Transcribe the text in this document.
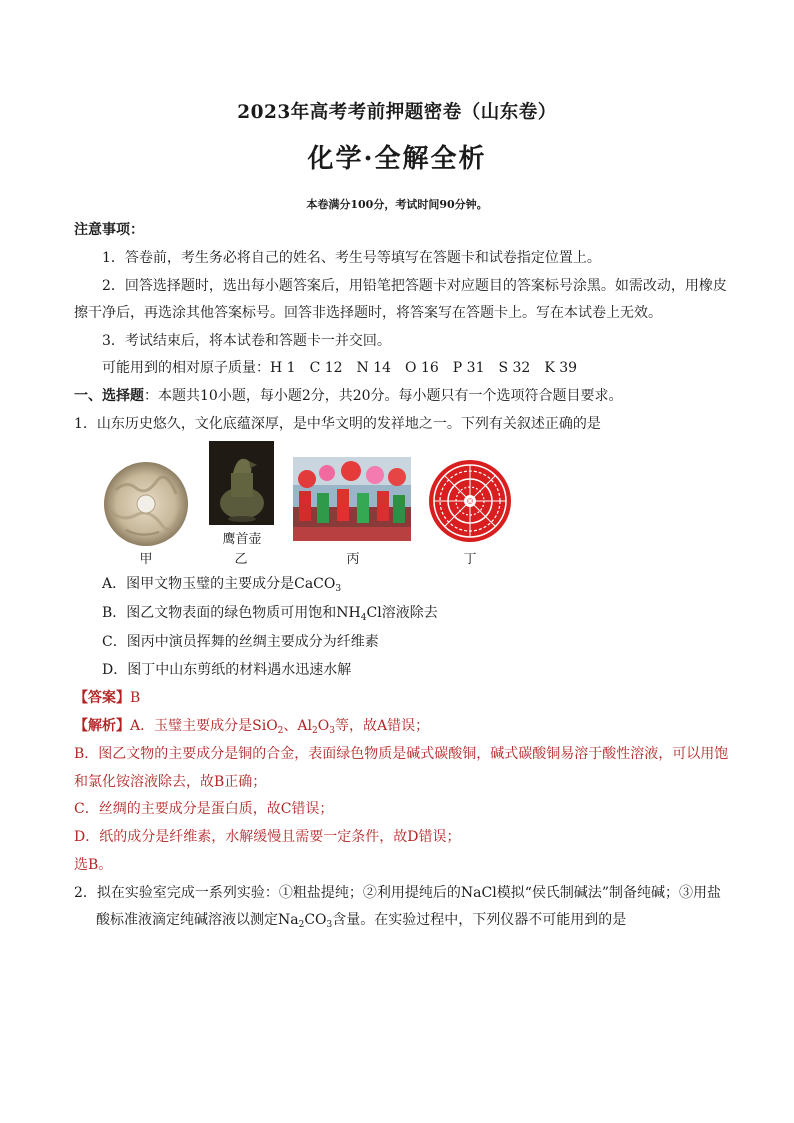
2023年高考考前押题密卷（山东卷）
化学·全解全析
本卷满分100分，考试时间90分钟。
注意事项：
1．答卷前，考生务必将自己的姓名、考生号等填写在答题卡和试卷指定位置上。
2．回答选择题时，选出每小题答案后，用铅笔把答题卡对应题目的答案标号涂黑。如需改动，用橡皮
擦干净后，再选涂其他答案标号。回答非选择题时，将答案写在答题卡上。写在本试卷上无效。
3．考试结束后，将本试卷和答题卡一并交回。
可能用到的相对原子质量：H 1　C 12　N 14　O 16　P 31　S 32　K 39
一、选择题：本题共10小题，每小题2分，共20分。每小题只有一个选项符合题目要求。
1．山东历史悠久，文化底蕴深厚，是中华文明的发祥地之一。下列有关叙述正确的是
鹰首壶
甲	乙	丙	丁
A．图甲文物玉璧的主要成分是CaCO$_3$
B．图乙文物表面的绿色物质可用饱和$NH_4Cl$溶液除去
C．图丙中演员挥舞的丝绸主要成分为纤维素
D．图丁中山东剪纸的材料遇水迅速水解
【答案】B
【解析】A．玉璧主要成分是SiO$_2$、$Al_2O_3$等，故A错误；
B．图乙文物的主要成分是铜的合金，表面绿色物质是碱式碳酸铜，碱式碳酸铜易溶于酸性溶液，可以用饱
和氯化铵溶液除去，故B正确；
C．丝绸的主要成分是蛋白质，故C错误；
D．纸的成分是纤维素，水解缓慢且需要一定条件，故D错误；
选B。
2．拟在实验室完成一系列实验：①粗盐提纯；②利用提纯后的NaCl模拟“侯氏制碱法”制备纯碱；③用盐
酸标准液滴定纯碱溶液以测定$Na_2CO_3$含量。在实验过程中，下列仪器不可能用到的是
